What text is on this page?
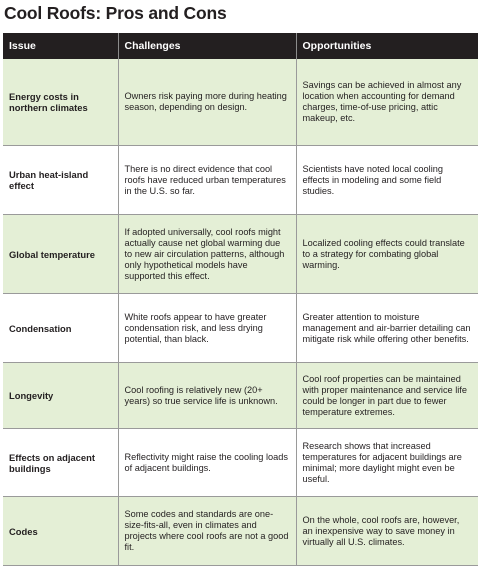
Cool Roofs: Pros and Cons
Issue	Challenges	Opportunities
Energy costs in northern climates	Owners risk paying more during heating season, depending on design.	Savings can be achieved in almost any location when accounting for demand charges, time-of-use pricing, attic makeup, etc.
Urban heat-island effect	There is no direct evidence that cool roofs have reduced urban temperatures in the U.S. so far.	Scientists have noted local cooling effects in modeling and some field studies.
Global temperature	If adopted universally, cool roofs might actually cause net global warming due to new air circulation patterns, although only hypothetical models have supported this effect.	Localized cooling effects could translate to a strategy for combating global warming.
Condensation	White roofs appear to have greater condensation risk, and less drying potential, than black.	Greater attention to moisture management and air-barrier detailing can mitigate risk while offering other benefits.
Longevity	Cool roofing is relatively new (20+ years) so true service life is unknown.	Cool roof properties can be maintained with proper maintenance and service life could be longer in part due to fewer temperature extremes.
Effects on adjacent buildings	Reflectivity might raise the cooling loads of adjacent buildings.	Research shows that increased temperatures for adjacent buildings are minimal; more daylight might even be useful.
Codes	Some codes and standards are one-size-fits-all, even in climates and projects where cool roofs are not a good fit.	On the whole, cool roofs are, however, an inexpensive way to save money in virtually all U.S. climates.
